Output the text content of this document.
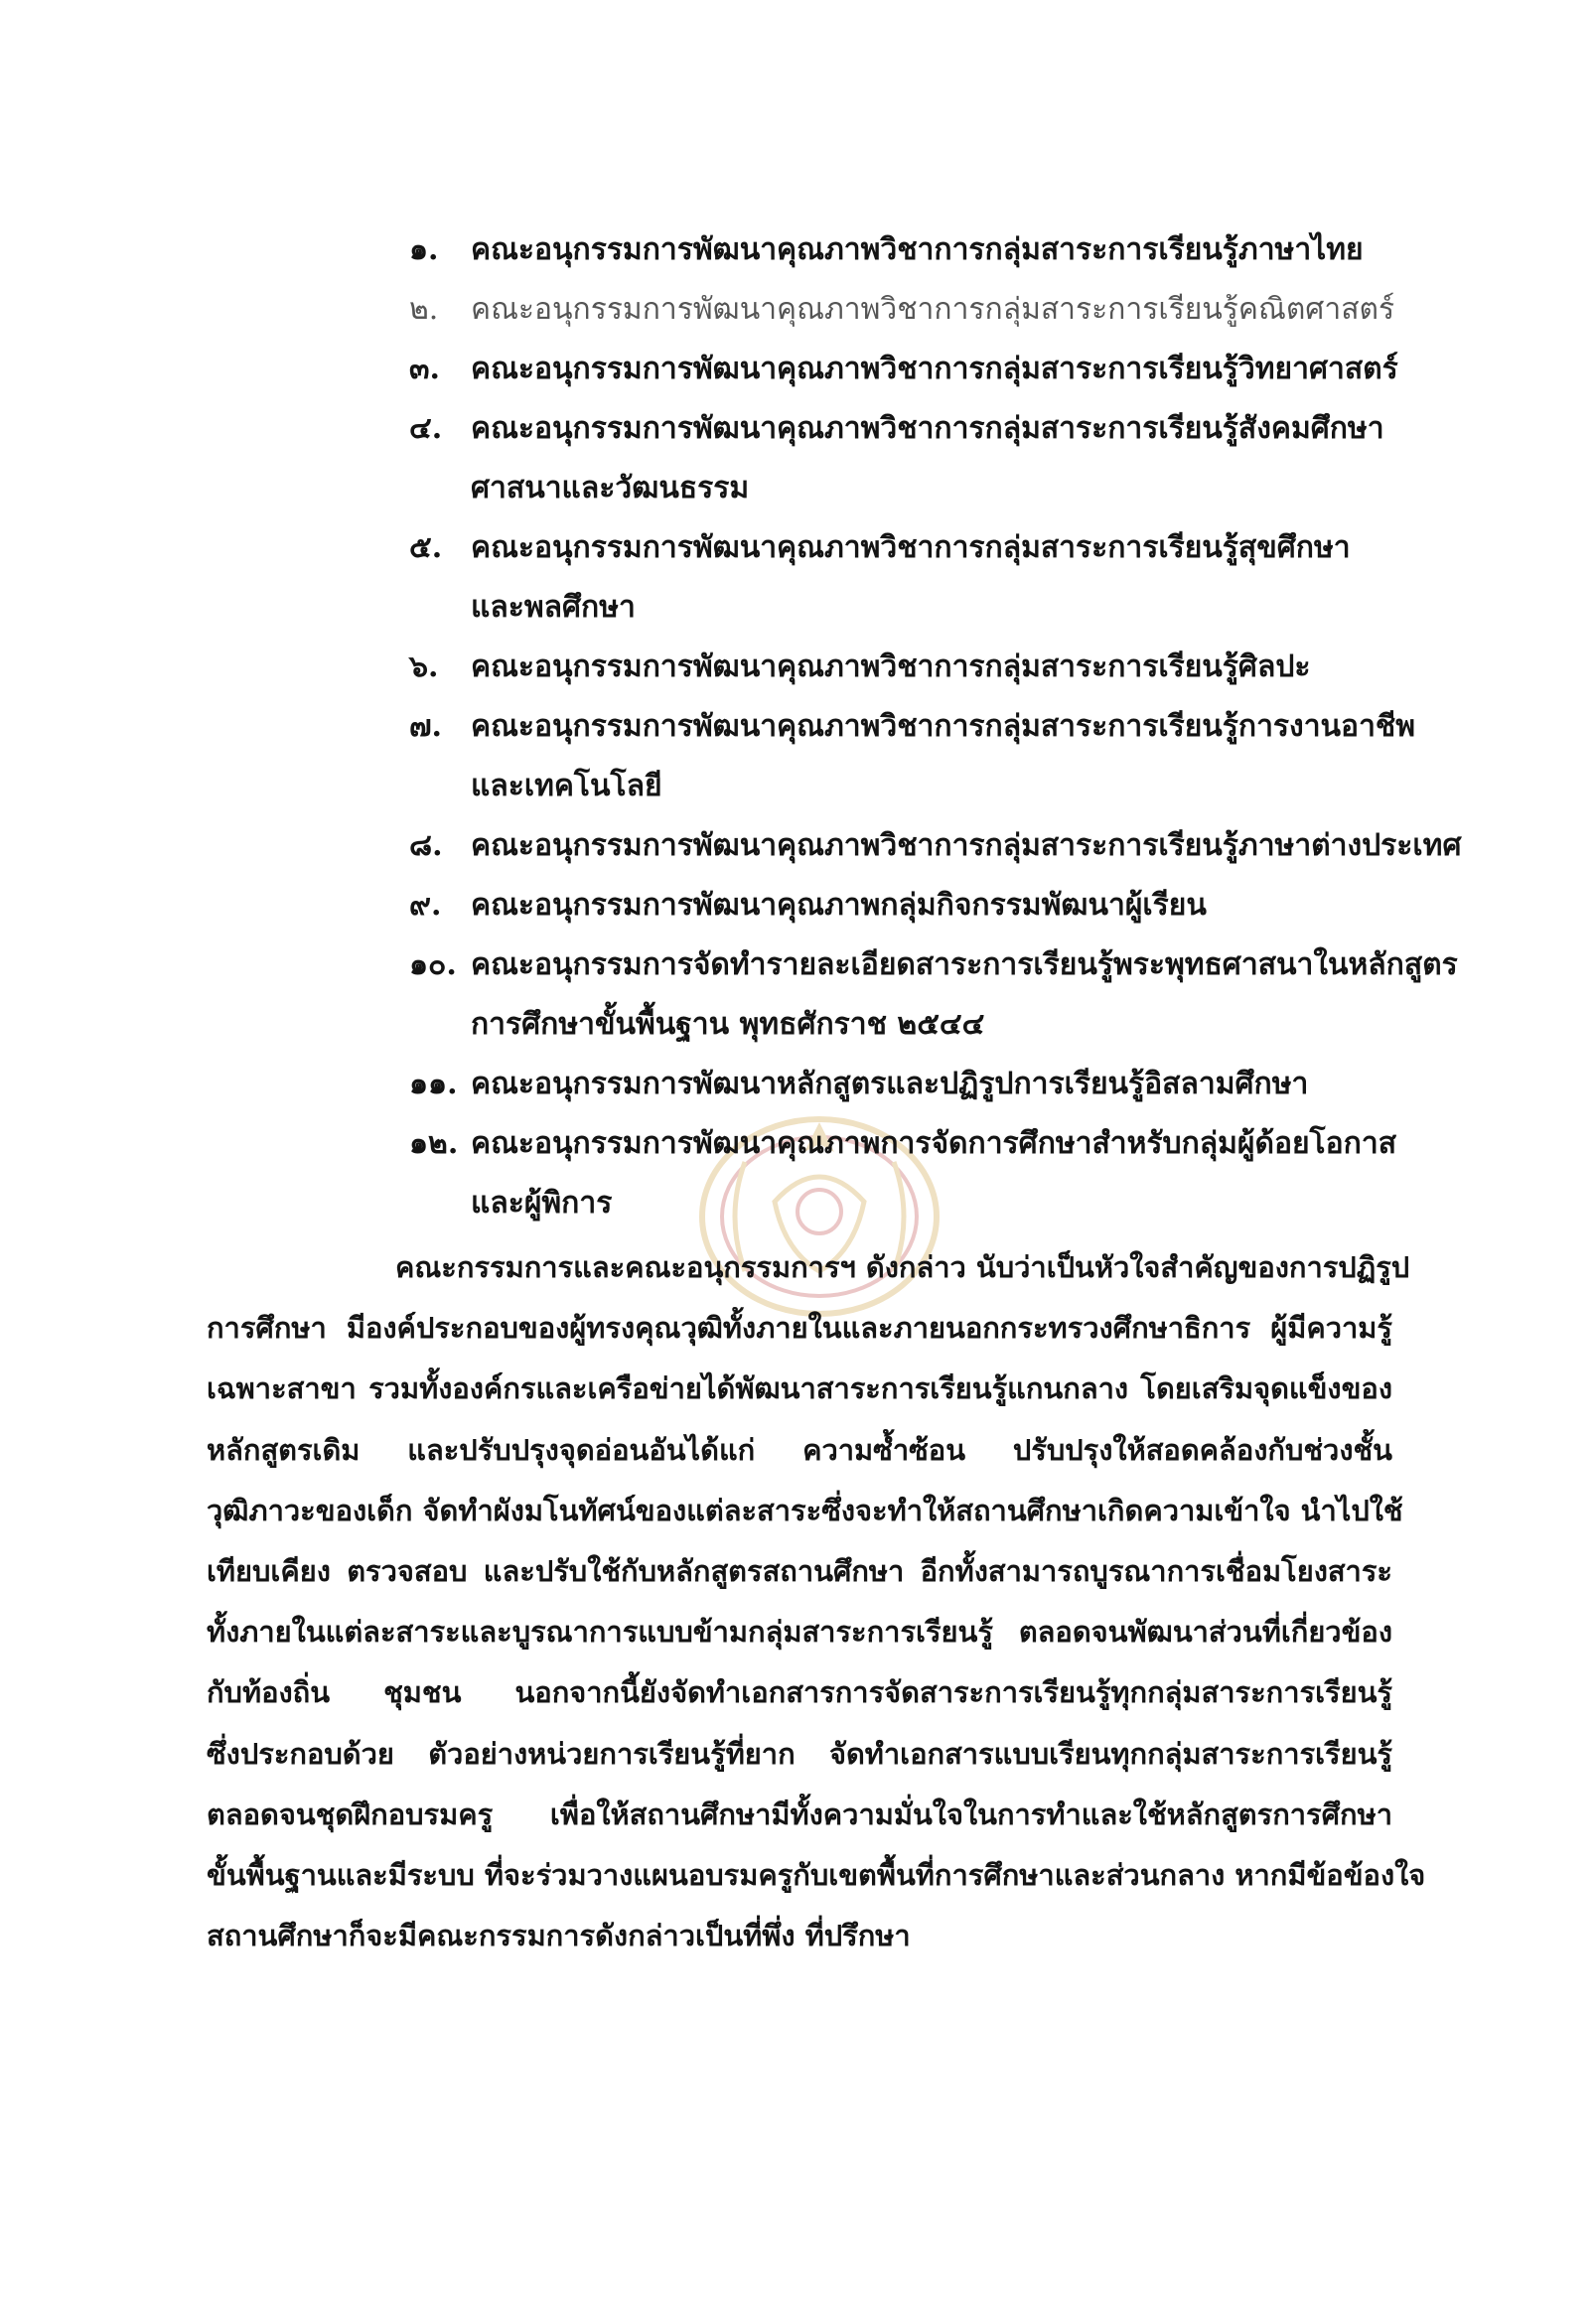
๑.	คณะอนุกรรมการพัฒนาคุณภาพวิชาการกลุ่มสาระการเรียนรู้ภาษาไทย
๒.	คณะอนุกรรมการพัฒนาคุณภาพวิชาการกลุ่มสาระการเรียนรู้คณิตศาสตร์
๓.	คณะอนุกรรมการพัฒนาคุณภาพวิชาการกลุ่มสาระการเรียนรู้วิทยาศาสตร์
๔. คณะอนุกรรมการพัฒนาคุณภาพวิชาการกลุ่มสาระการเรียนรู้สังคมศึกษา
ศาสนาและวัฒนธรรม
๕. คณะอนุกรรมการพัฒนาคุณภาพวิชาการกลุ่มสาระการเรียนรู้สุขศึกษา
และพลศึกษา
๖.	คณะอนุกรรมการพัฒนาคุณภาพวิชาการกลุ่มสาระการเรียนรู้ศิลปะ
๗. คณะอนุกรรมการพัฒนาคุณภาพวิชาการกลุ่มสาระการเรียนรู้การงานอาชีพ
และเทคโนโลยี
๘. คณะอนุกรรมการพัฒนาคุณภาพวิชาการกลุ่มสาระการเรียนรู้ภาษาต่างประเทศ
๙. คณะอนุกรรมการพัฒนาคุณภาพกลุ่มกิจกรรมพัฒนาผู้เรียน
๑๐. คณะอนุกรรมการจัดทำรายละเอียดสาระการเรียนรู้พระพุทธศาสนาในหลักสูตร
การศึกษาขั้นพื้นฐาน พุทธศักราช ๒๕๔๔
๑๑. คณะอนุกรรมการพัฒนาหลักสูตรและปฏิรูปการเรียนรู้อิสลามศึกษา
๑๒. คณะอนุกรรมการพัฒนาคุณภาพการจัดการศึกษาสำหรับกลุ่มผู้ด้อยโอกาส
และผู้พิการ
คณะกรรมการและคณะอนุกรรมการฯ ดังกล่าว นับว่าเป็นหัวใจสำคัญของการปฏิรูป
การศึกษา มีองค์ประกอบของผู้ทรงคุณวุฒิทั้งภายในและภายนอกกระทรวงศึกษาธิการ ผู้มีความรู้
เฉพาะสาขา รวมทั้งองค์กรและเครือข่ายได้พัฒนาสาระการเรียนรู้แกนกลาง โดยเสริมจุดแข็งของ
หลักสูตรเดิม และปรับปรุงจุดอ่อนอันได้แก่ ความซ้ำซ้อน ปรับปรุงให้สอดคล้องกับช่วงชั้น
วุฒิภาวะของเด็ก จัดทำผังมโนทัศน์ของแต่ละสาระซึ่งจะทำให้สถานศึกษาเกิดความเข้าใจ นำไปใช้
เทียบเคียง ตรวจสอบ และปรับใช้กับหลักสูตรสถานศึกษา อีกทั้งสามารถบูรณาการเชื่อมโยงสาระ
ทั้งภายในแต่ละสาระและบูรณาการแบบข้ามกลุ่มสาระการเรียนรู้ ตลอดจนพัฒนาส่วนที่เกี่ยวข้อง
กับท้องถิ่น ชุมชน นอกจากนี้ยังจัดทำเอกสารการจัดสาระการเรียนรู้ทุกกลุ่มสาระการเรียนรู้
ซึ่งประกอบด้วย ตัวอย่างหน่วยการเรียนรู้ที่ยาก จัดทำเอกสารแบบเรียนทุกกลุ่มสาระการเรียนรู้
ตลอดจนชุดฝึกอบรมครู เพื่อให้สถานศึกษามีทั้งความมั่นใจในการทำและใช้หลักสูตรการศึกษา
ขั้นพื้นฐานและมีระบบ ที่จะร่วมวางแผนอบรมครูกับเขตพื้นที่การศึกษาและส่วนกลาง หากมีข้อข้องใจ
สถานศึกษาก็จะมีคณะกรรมการดังกล่าวเป็นที่พึ่ง ที่ปรึกษา
